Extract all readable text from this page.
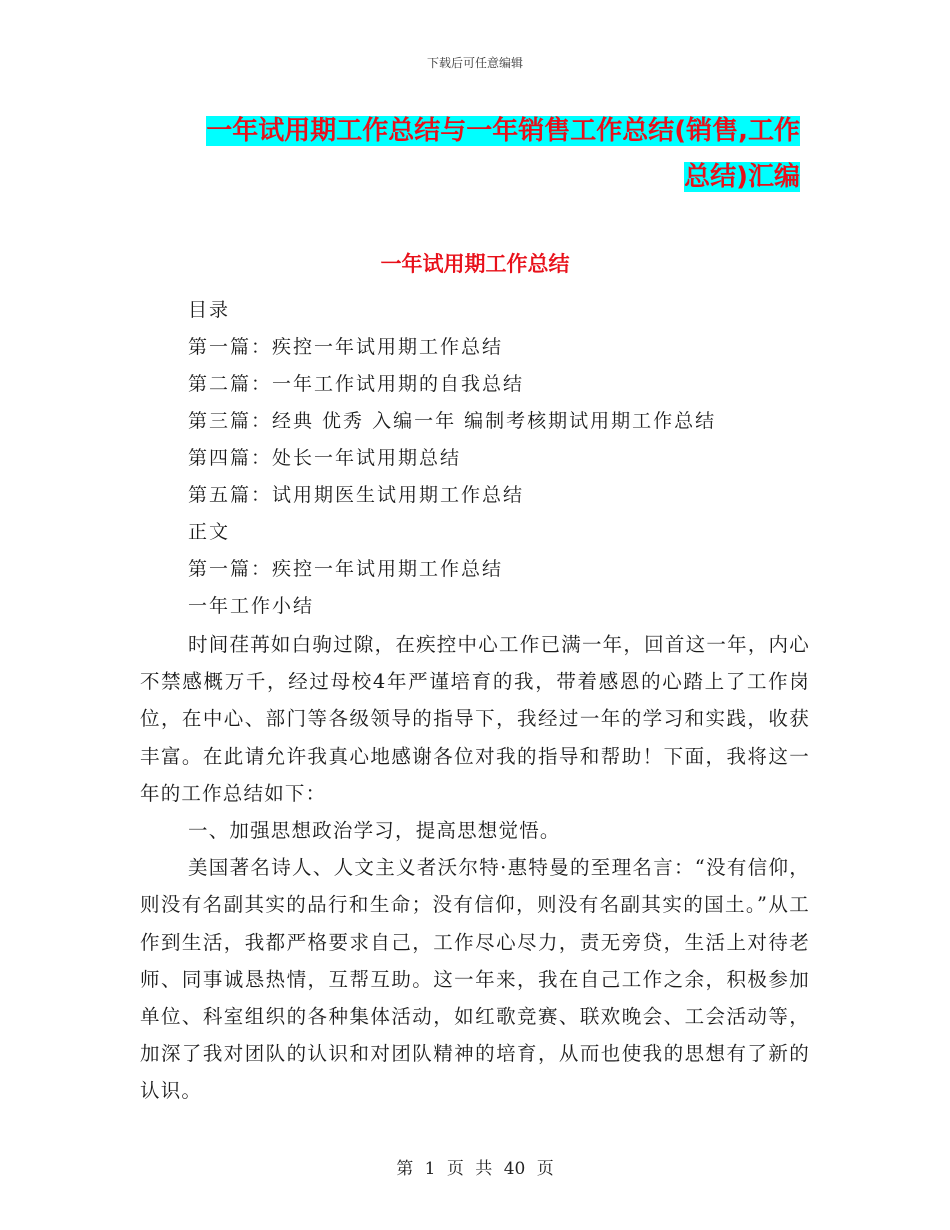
下载后可任意编辑
一年试用期工作总结与一年销售工作总结(销售,工作
总结)汇编
一年试用期工作总结
目录
第一篇：疾控一年试用期工作总结
第二篇：一年工作试用期的自我总结
第三篇：经典 优秀 入编一年 编制考核期试用期工作总结
第四篇：处长一年试用期总结
第五篇：试用期医生试用期工作总结
正文
第一篇：疾控一年试用期工作总结
一年工作小结

时间荏苒如白驹过隙，在疾控中心工作已满一年，回首这一年，内心不禁感概万千，经过母校4年严谨培育的我，带着感恩的心踏上了工作岗位，在中心、部门等各级领导的指导下，我经过一年的学习和实践，收获丰富。在此请允许我真心地感谢各位对我的指导和帮助！下面，我将这一年的工作总结如下：

一、加强思想政治学习，提高思想觉悟。

美国著名诗人、人文主义者沃尔特·惠特曼的至理名言：“没有信仰，则没有名副其实的品行和生命；没有信仰，则没有名副其实的国土。”从工作到生活，我都严格要求自己，工作尽心尽力，责无旁贷，生活上对待老师、同事诚恳热情，互帮互助。这一年来，我在自己工作之余，积极参加单位、科室组织的各种集体活动，如红歌竞赛、联欢晚会、工会活动等，加深了我对团队的认识和对团队精神的培育，从而也使我的思想有了新的认识。

第 1 页 共 40 页
